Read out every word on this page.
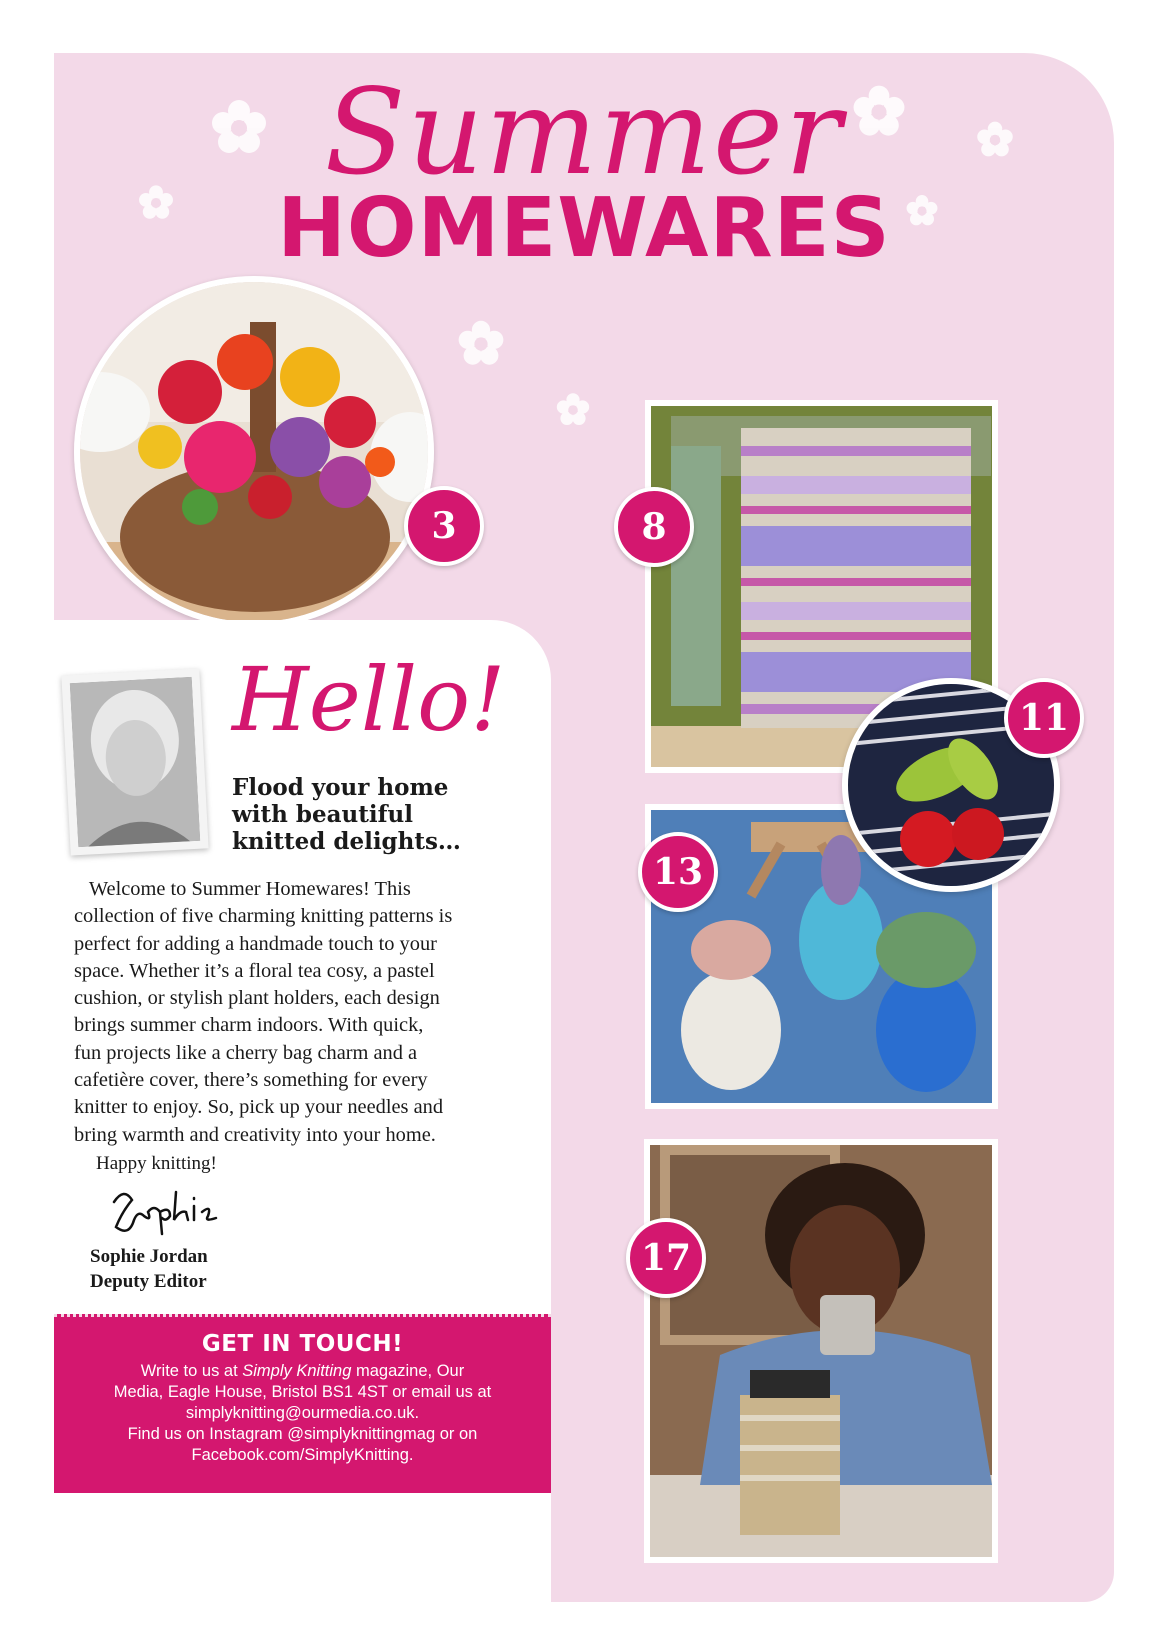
Summer
HOMEWARES
3	8
13
11
17
Hello!
Flood your home
with beautiful
knitted delights…
Welcome to Summer Homewares! This
collection of five charming knitting patterns is
perfect for adding a handmade touch to your
space. Whether it’s a floral tea cosy, a pastel
cushion, or stylish plant holders, each design
brings summer charm indoors. With quick,
fun projects like a cherry bag charm and a
cafetière cover, there’s something for every
knitter to enjoy. So, pick up your needles and
bring warmth and creativity into your home.
Happy knitting!
Sophie Jordan
Deputy Editor
GET IN TOUCH!
Write to us at Simply Knitting magazine, Our
Media, Eagle House, Bristol BS1 4ST or email us at
simplyknitting@ourmedia.co.uk.
Find us on Instagram @simplyknittingmag or on
Facebook.com/SimplyKnitting.
